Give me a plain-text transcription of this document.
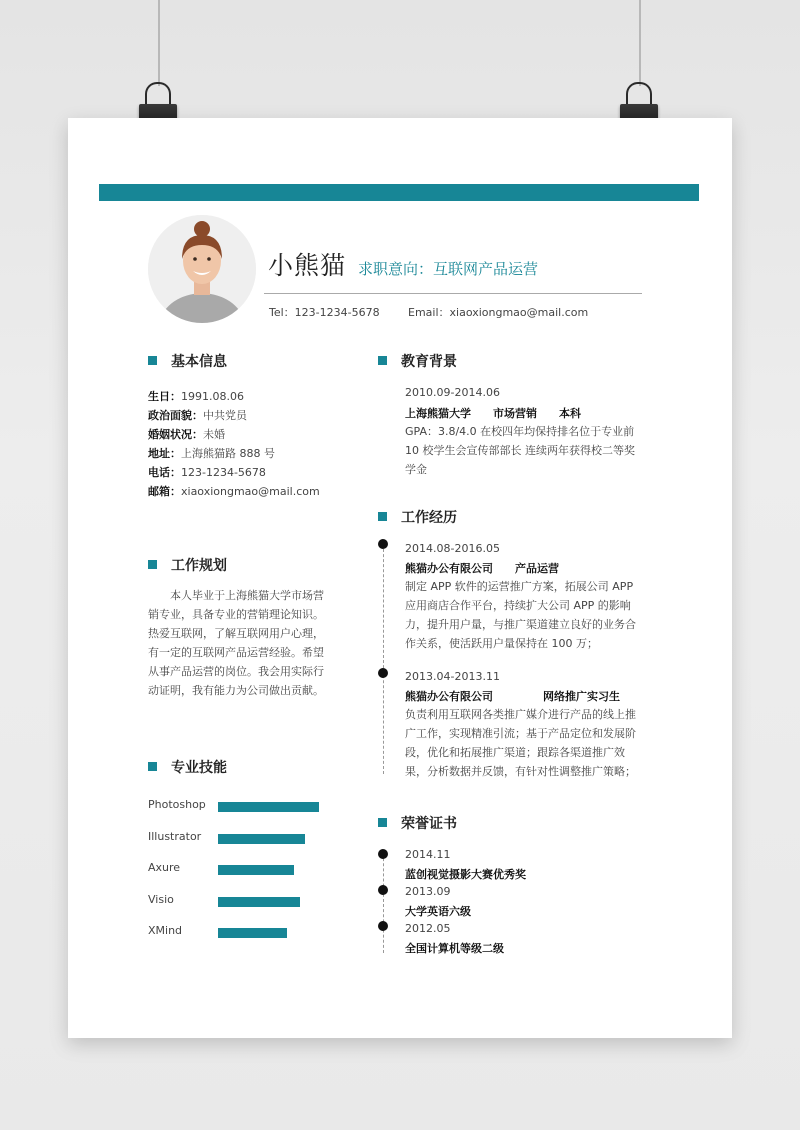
小熊猫 求职意向：互联网产品运营
Tel：123-1234-5678	Email：xiaoxiongmao@mail.com
基本信息
生日：1991.08.06
政治面貌：中共党员
婚姻状况：未婚
地址：上海熊猫路 888 号
电话：123-1234-5678
邮箱：xiaoxiongmao@mail.com
工作规划
本人毕业于上海熊猫大学市场营销专业，具备专业的营销理论知识。热爱互联网，了解互联网用户心理，有一定的互联网产品运营经验。希望从事产品运营的岗位。我会用实际行动证明，我有能力为公司做出贡献。
专业技能
Photoshop
Illustrator
Axure
Visio
XMind
教育背景
2010.09-2014.06
上海熊猫大学 市场营销 本科
GPA：3.8/4.0 在校四年均保持排名位于专业前 10 校学生会宣传部部长 连续两年获得校二等奖学金
工作经历
2014.08-2016.05
熊猫办公有限公司 产品运营
制定 APP 软件的运营推广方案，拓展公司 APP 应用商店合作平台，持续扩大公司 APP 的影响力，提升用户量，与推广渠道建立良好的业务合作关系，使活跃用户量保持在 100 万；
2013.04-2013.11
熊猫办公有限公司	网络推广实习生
负责利用互联网各类推广媒介进行产品的线上推广工作，实现精准引流；基于产品定位和发展阶段，优化和拓展推广渠道；跟踪各渠道推广效果，分析数据并反馈，有针对性调整推广策略；
荣誉证书
2014.11
蓝创视觉摄影大赛优秀奖
2013.09
大学英语六级
2012.05
全国计算机等级二级
